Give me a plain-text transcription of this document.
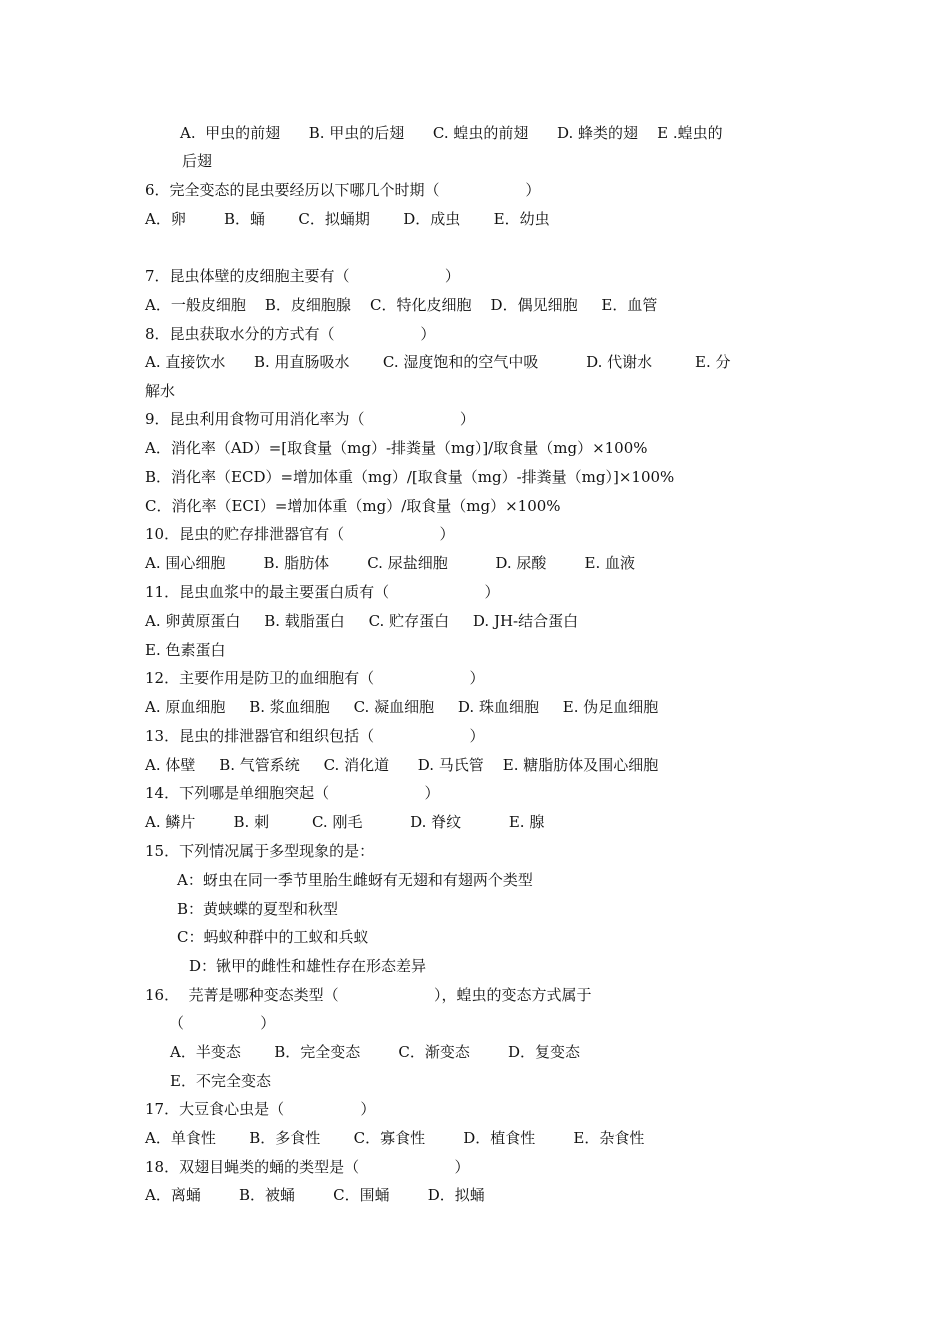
A.  甲虫的前翅      B. 甲虫的后翅      C. 蝗虫的前翅      D. 蜂类的翅    E .蝗虫的
后翅
6．完全变态的昆虫要经历以下哪几个时期（                  ）
A．卵        B．蛹       C．拟蛹期       D．成虫       E．幼虫
7．昆虫体壁的皮细胞主要有（                    ）
A．一般皮细胞    B．皮细胞腺    C．特化皮细胞    D．偶见细胞     E．血管
8．昆虫获取水分的方式有（                  ）
A. 直接饮水      B. 用直肠吸水       C. 湿度饱和的空气中吸          D. 代谢水         E. 分
解水
9．昆虫利用食物可用消化率为（                    ）
A．消化率（AD）=[取食量（mg）-排粪量（mg）]/取食量（mg）×100%
B．消化率（ECD）=增加体重（mg）/[取食量（mg）-排粪量（mg）]×100%
C．消化率（ECI）=增加体重（mg）/取食量（mg）×100%
10．昆虫的贮存排泄器官有（                    ）
A. 围心细胞        B. 脂肪体        C. 尿盐细胞          D. 尿酸        E. 血液
11．昆虫血浆中的最主要蛋白质有（                    ）
A. 卵黄原蛋白     B. 载脂蛋白     C. 贮存蛋白     D. JH-结合蛋白
E. 色素蛋白
12．主要作用是防卫的血细胞有（                    ）
A. 原血细胞     B. 浆血细胞     C. 凝血细胞     D. 珠血细胞     E. 伪足血细胞
13．昆虫的排泄器官和组织包括（                    ）
A. 体壁     B. 气管系统     C. 消化道      D. 马氏管    E. 糖脂肪体及围心细胞
14．下列哪是单细胞突起（                    ）
A. 鳞片        B. 刺         C. 刚毛          D. 脊纹          E. 腺
15．下列情况属于多型现象的是：
A：蚜虫在同一季节里胎生雌蚜有无翅和有翅两个类型
B：黄蛱蝶的夏型和秋型
C：蚂蚁种群中的工蚁和兵蚁
D：锹甲的雌性和雄性存在形态差异
16．  芫菁是哪种变态类型（                    ），蝗虫的变态方式属于
（                ）
A．半变态       B．完全变态        C．渐变态        D．复变态
E．不完全变态
17．大豆食心虫是（                ）
A．单食性       B．多食性       C．寡食性        D．植食性        E．杂食性
18．双翅目蝇类的蛹的类型是（                    ）
A．离蛹        B．被蛹        C．围蛹        D．拟蛹
